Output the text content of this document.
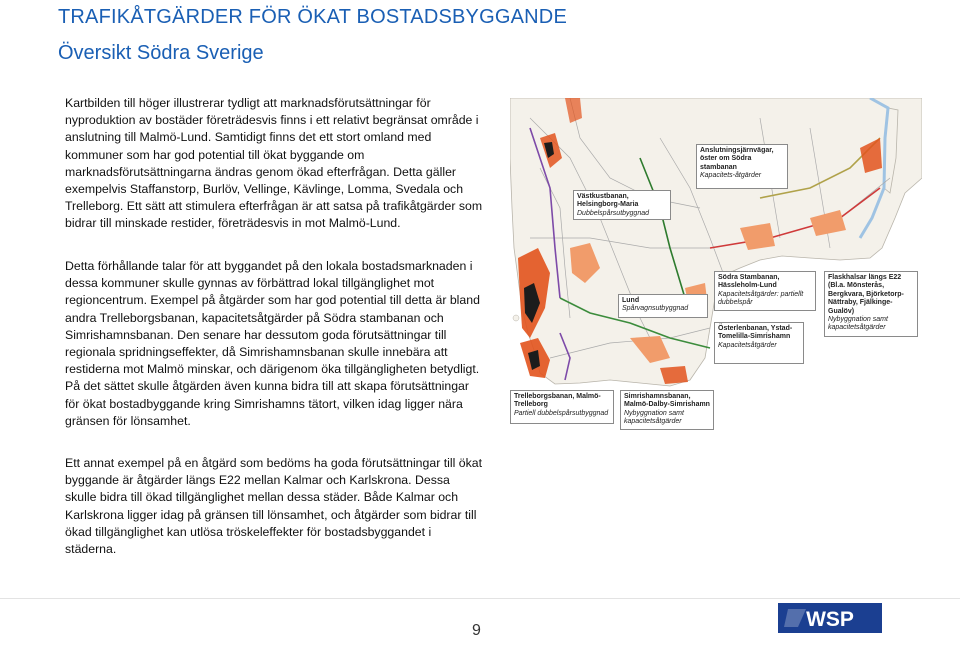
TRAFIKÅTGÄRDER FÖR ÖKAT BOSTADSBYGGANDE
Översikt Södra Sverige

Kartbilden till höger illustrerar tydligt att marknadsförutsättningar för nyproduktion av bostäder företrädesvis finns i ett relativt begränsat område i anslutning till Malmö-Lund. Samtidigt finns det ett stort omland med kommuner som har god potential till ökat byggande om marknadsförutsättningarna ändras genom ökad efterfrågan. Detta gäller exempelvis Staffanstorp, Burlöv, Vellinge, Kävlinge, Lomma, Svedala och Trelleborg. Ett sätt att stimulera efterfrågan är att satsa på trafikåtgärder som bidrar till minskade restider, företrädesvis in mot Malmö-Lund.

Detta förhållande talar för att byggandet på den lokala bostadsmarknaden i dessa kommuner skulle gynnas av förbättrad lokal tillgänglighet mot regioncentrum. Exempel på åtgärder som har god potential till detta är bland andra Trelleborgsbanan, kapacitetsåtgärder på Södra stambanan och Simrishamnsbanan. Den senare har dessutom goda förutsättningar till regionala spridningseffekter, då Simrishamnsbanan skulle innebära att restiderna mot Malmö minskar, och därigenom öka tillgängligheten betydligt. På det sättet skulle åtgärden även kunna bidra till att skapa förutsättningar för ökat bostadbyggande kring Simrishamns tätort, vilken idag ligger nära gränsen för lönsamhet.

Ett annat exempel på en åtgärd som bedöms ha goda förutsättningar till ökat byggande är åtgärder längs E22 mellan Kalmar och Karlskrona. Dessa skulle bidra till ökad tillgänglighet mellan dessa städer. Både Kalmar och Karlskrona ligger idag på gränsen till lönsamhet, och åtgärder som bidrar till ökad tillgänglighet kan utlösa tröskeleffekter för bostadsbyggandet i städerna.

Västkustbanan, Helsingborg-Maria
Dubbelspårsutbyggnad
Anslutningsjärnvägar, öster om Södra stambanan
Kapacitets-åtgärder
Lund
Spårvagnsutbyggnad
Södra Stambanan, Hässleholm-Lund
Kapacitetsåtgärder: partiellt dubbelspår
Flaskhalsar längs E22 (Bl.a. Mönsterås, Bergkvara, Björketorp-Nättraby, Fjälkinge-Gualöv)
Nybyggnation samt kapacitetsåtgärder
Österlenbanan, Ystad-Tomelilla-Simrishamn
Kapacitetsåtgärder
Trelleborgsbanan, Malmö-Trelleborg
Partiell dubbelspårsutbyggnad
Simrishamnsbanan, Malmö-Dalby-Simrishamn
Nybyggnation samt kapacitetsåtgärder
9	WSP
